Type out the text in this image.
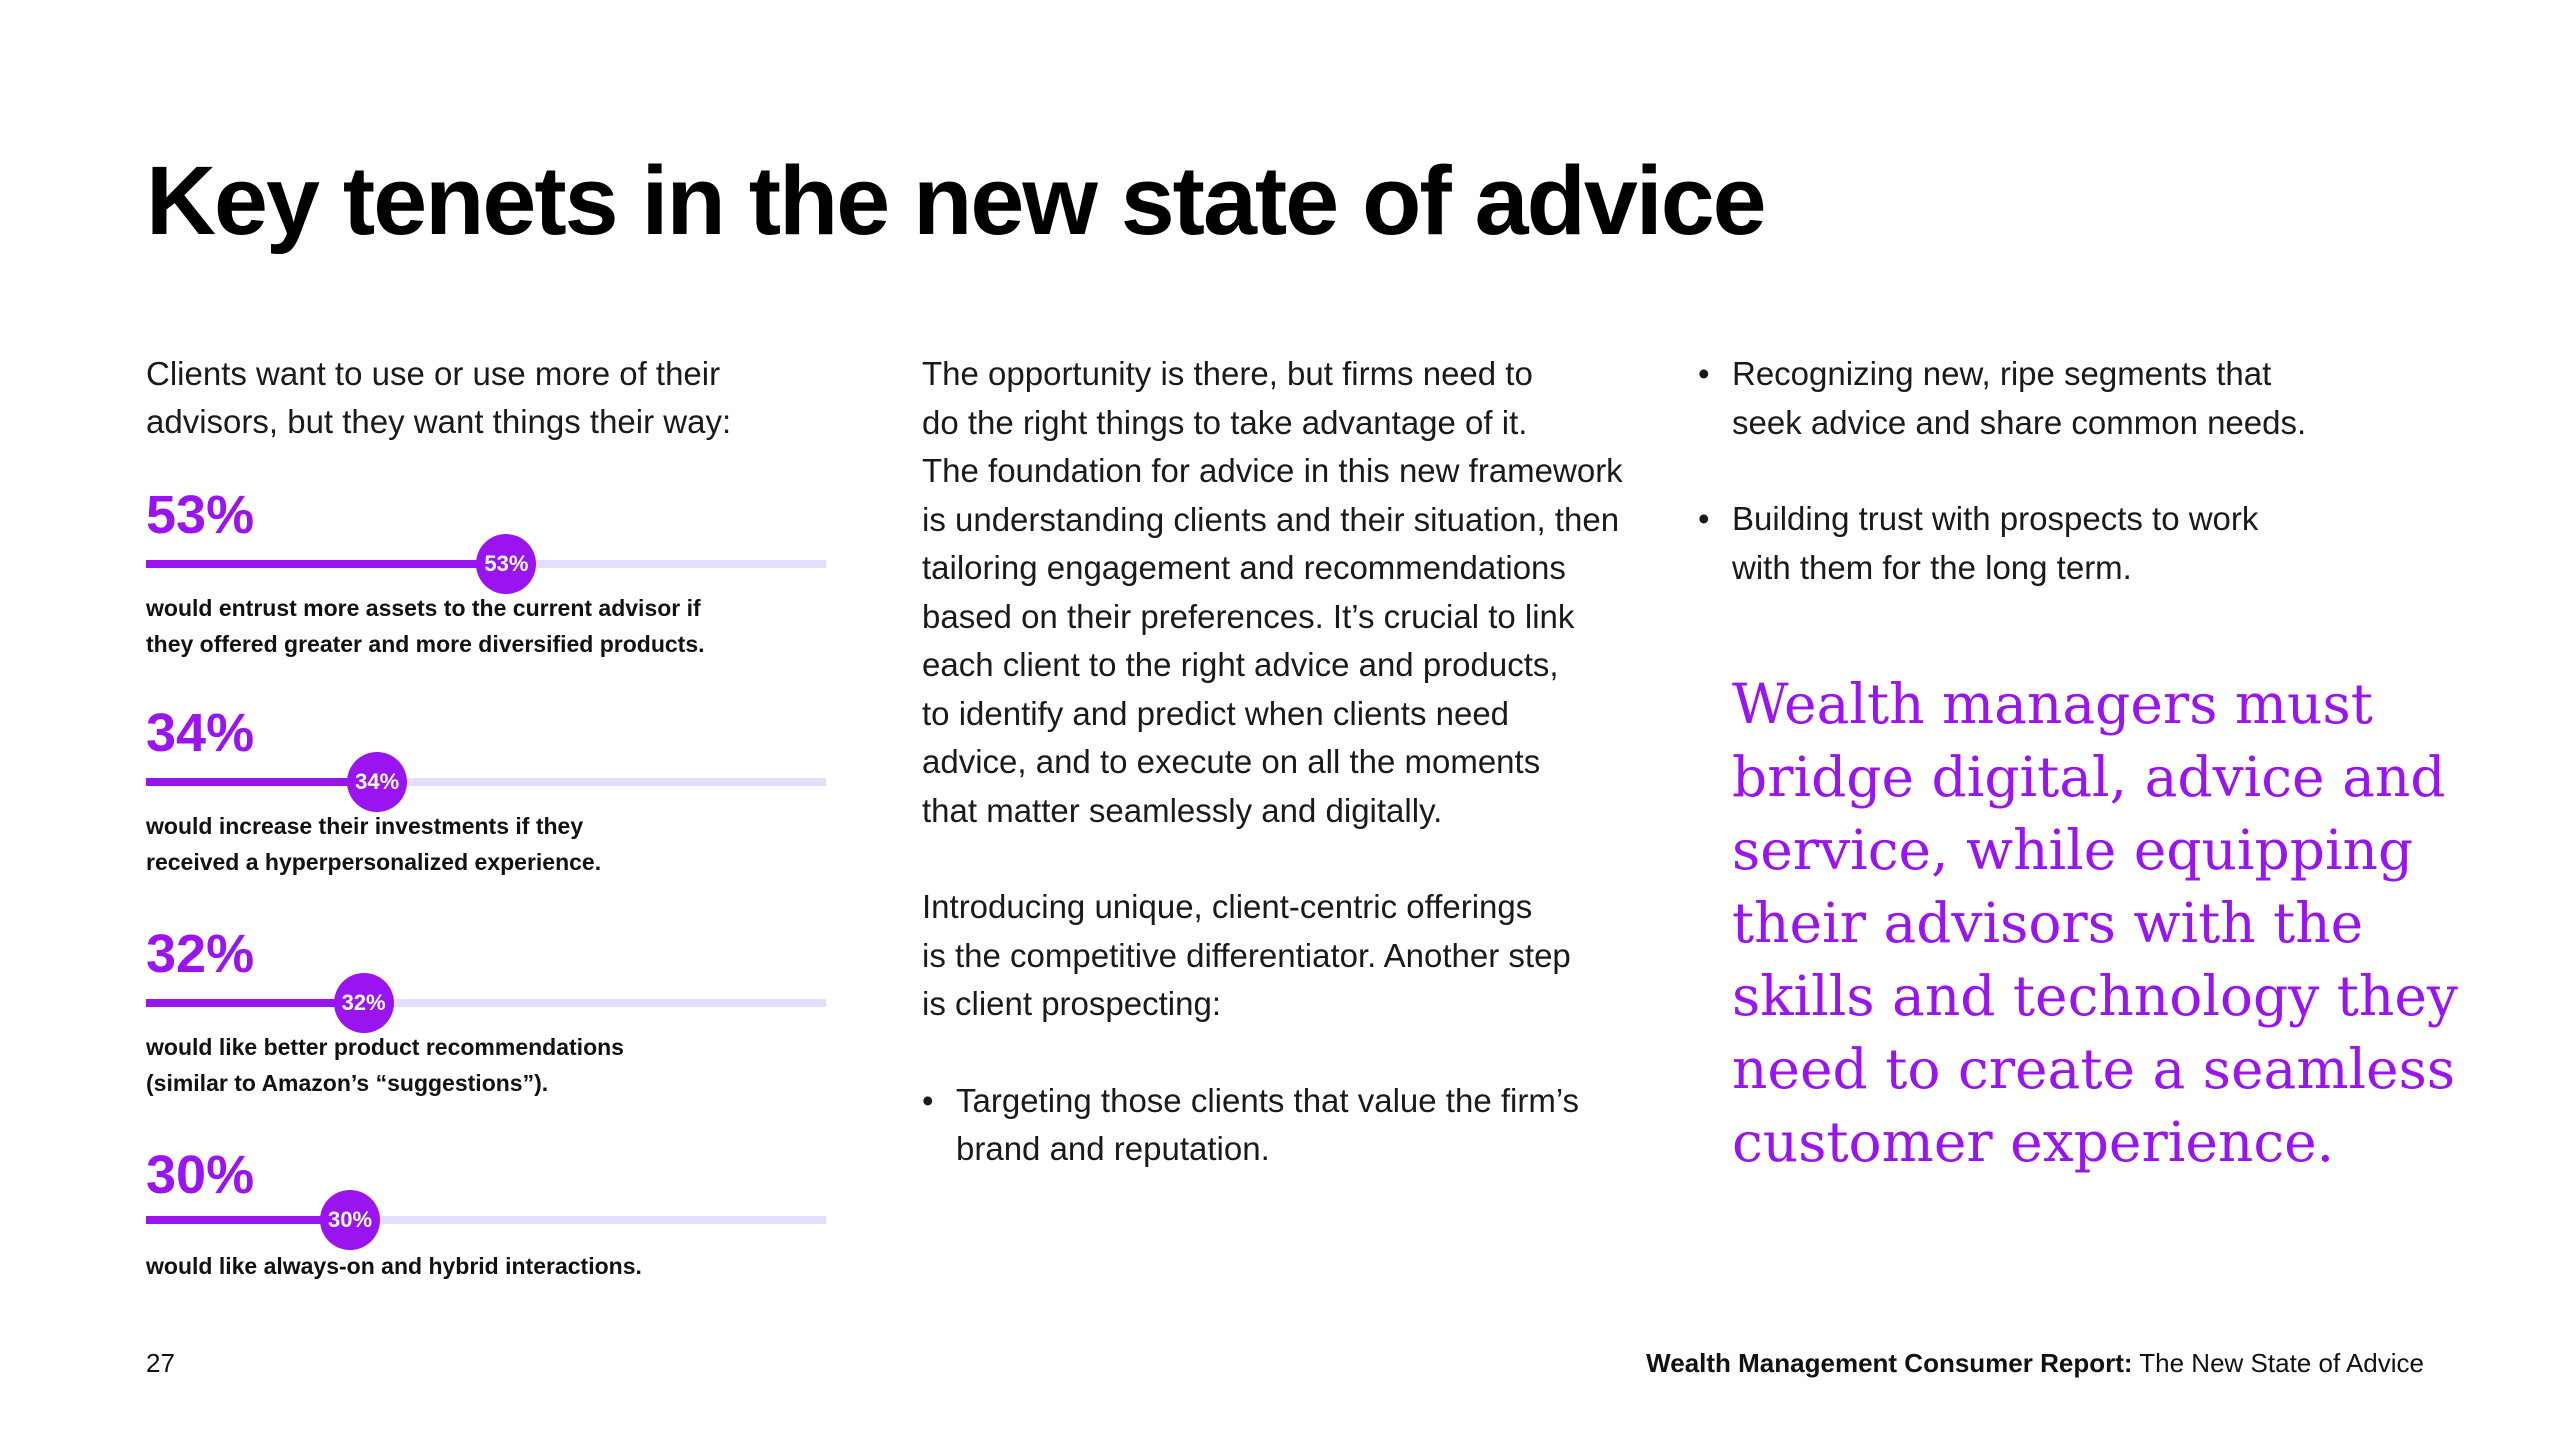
Key tenets in the new state of advice
Clients want to use or use more of their advisors, but they want things their way:
53%
53%
would entrust more assets to the current advisor if
they offered greater and more diversified products.
34%
34%
would increase their investments if they
received a hyperpersonalized experience.
32%
32%
would like better product recommendations
(similar to Amazon’s “suggestions”).
30%
30%
would like always-on and hybrid interactions.

The opportunity is there, but firms need to
do the right things to take advantage of it.
The foundation for advice in this new framework
is understanding clients and their situation, then
tailoring engagement and recommendations
based on their preferences. It’s crucial to link
each client to the right advice and products,
to identify and predict when clients need
advice, and to execute on all the moments
that matter seamlessly and digitally.

Introducing unique, client-centric offerings
is the competitive differentiator. Another step
is client prospecting:

• Targeting those clients that value the firm’s
brand and reputation.
• Recognizing new, ripe segments that
seek advice and share common needs.
• Building trust with prospects to work
with them for the long term.
Wealth managers must
bridge digital, advice and
service, while equipping
their advisors with the
skills and technology they
need to create a seamless
customer experience.
27	Wealth Management Consumer Report: The New State of Advice
